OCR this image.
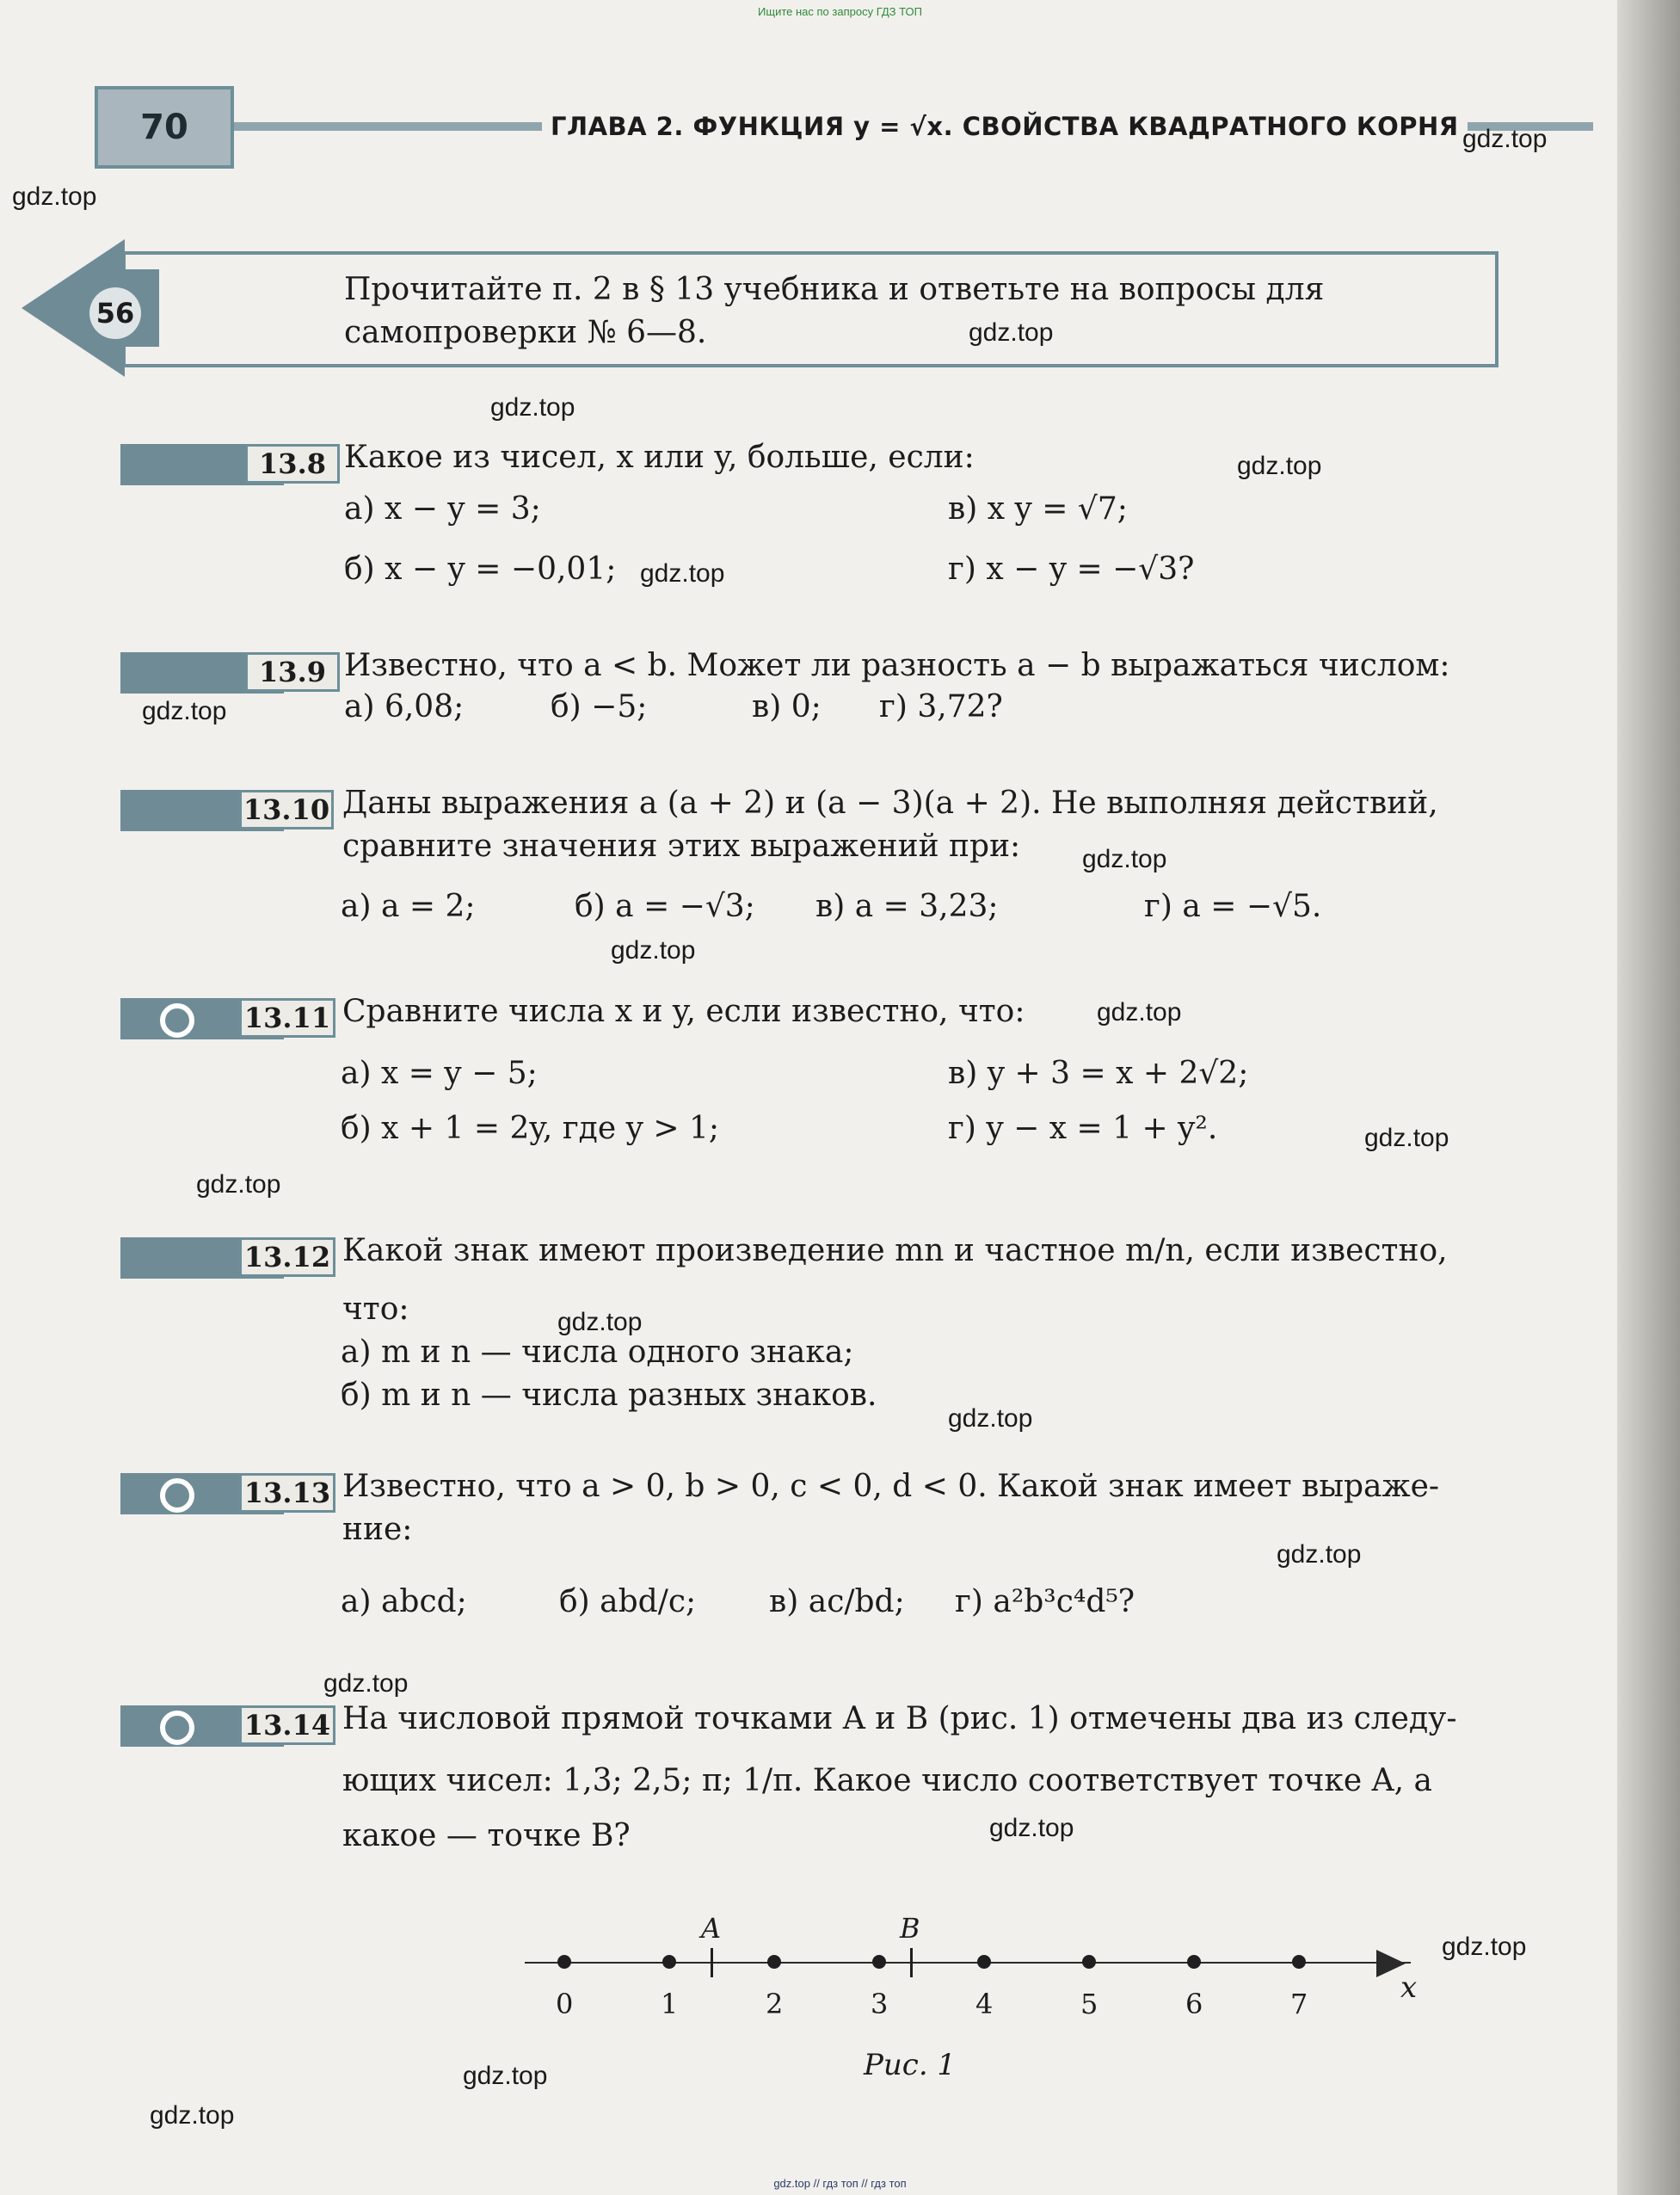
Ищите нас по запросу ГДЗ ТОП
70	ГЛАВА 2. ФУНКЦИЯ y = √x. СВОЙСТВА КВАДРАТНОГО КОРНЯ
56
Прочитайте п. 2 в § 13 учебника и ответьте на вопросы для самопроверки № 6—8.
gdz.top
gdz.top
gdz.top
gdz.top
gdz.top
gdz.top
gdz.top
gdz.top
gdz.top
gdz.top
gdz.top
gdz.top
gdz.top
gdz.top
gdz.top
gdz.top
gdz.top
gdz.top
gdz.top
gdz.top
13.8 Какое из чисел, x или y, больше, если:
а) x − y = 3;	в) x y = √7;
б) x − y = −0,01;	г) x − y = −√3?
13.9 Известно, что a < b. Может ли разность a − b выражаться числом:
а) 6,08;	б) −5;	в) 0; г) 3,72?
13.10 Даны выражения a (a + 2) и (a − 3)(a + 2). Не выполняя действий,
сравните значения этих выражений при:
а) a = 2;	б) a = −√3; в) a = 3,23;	г) a = −√5.
13.11 Сравните числа x и y, если известно, что:
а) x = y − 5;	в) y + 3 = x + 2√2;
б) x + 1 = 2y, где y > 1;	г) y − x = 1 + y².
13.12 Какой знак имеют произведение mn и частное m/n, если известно,
что:
а) m и n — числа одного знака;
б) m и n — числа разных знаков.
13.13 Известно, что a > 0, b > 0, c < 0, d < 0. Какой знак имеет выраже-
ние:
а) abcd;	б) abd/c; в) ac/bd; г) a²b³c⁴d⁵?
13.14 На числовой прямой точками A и B (рис. 1) отмечены два из следу-
ющих чисел: 1,3; 2,5; π; 1/π. Какое число соответствует точке A, а
какое — точке B?
x
0	1	2	3	4	5	6	7
A	B
Рис. 1
gdz.top // гдз топ // гдз топ
